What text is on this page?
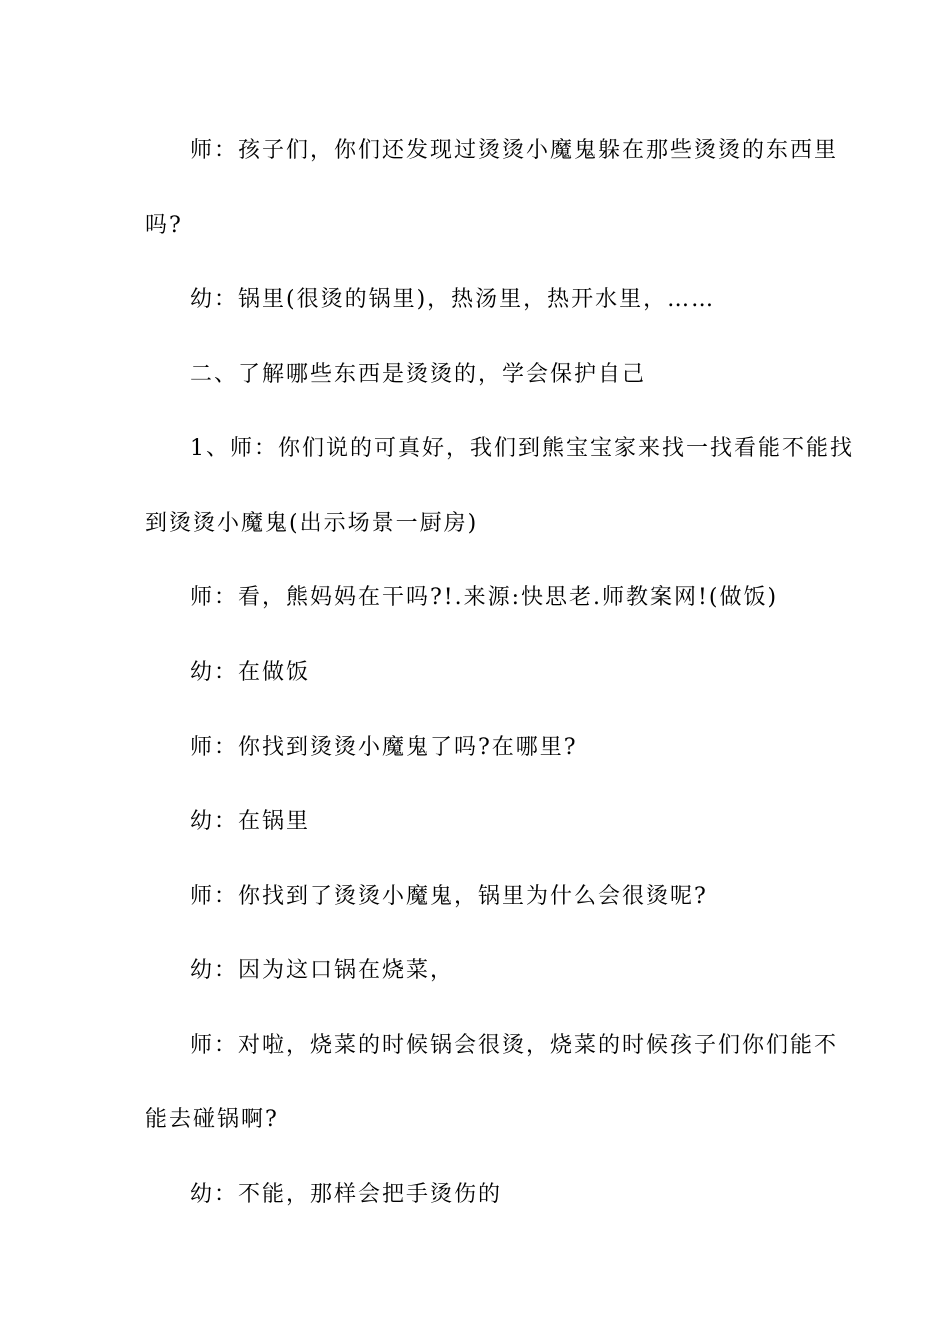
师：孩子们，你们还发现过烫烫小魔鬼躲在那些烫烫的东西里
吗?
幼：锅里(很烫的锅里)，热汤里，热开水里，……
二、了解哪些东西是烫烫的，学会保护自己
1、师：你们说的可真好，我们到熊宝宝家来找一找看能不能找
到烫烫小魔鬼(出示场景一厨房)
师：看，熊妈妈在干吗?!.来源:快思老.师教案网!(做饭)
幼：在做饭
师：你找到烫烫小魔鬼了吗?在哪里?
幼：在锅里
师：你找到了烫烫小魔鬼，锅里为什么会很烫呢?
幼：因为这口锅在烧菜，
师：对啦，烧菜的时候锅会很烫，烧菜的时候孩子们你们能不
能去碰锅啊?
幼：不能，那样会把手烫伤的
